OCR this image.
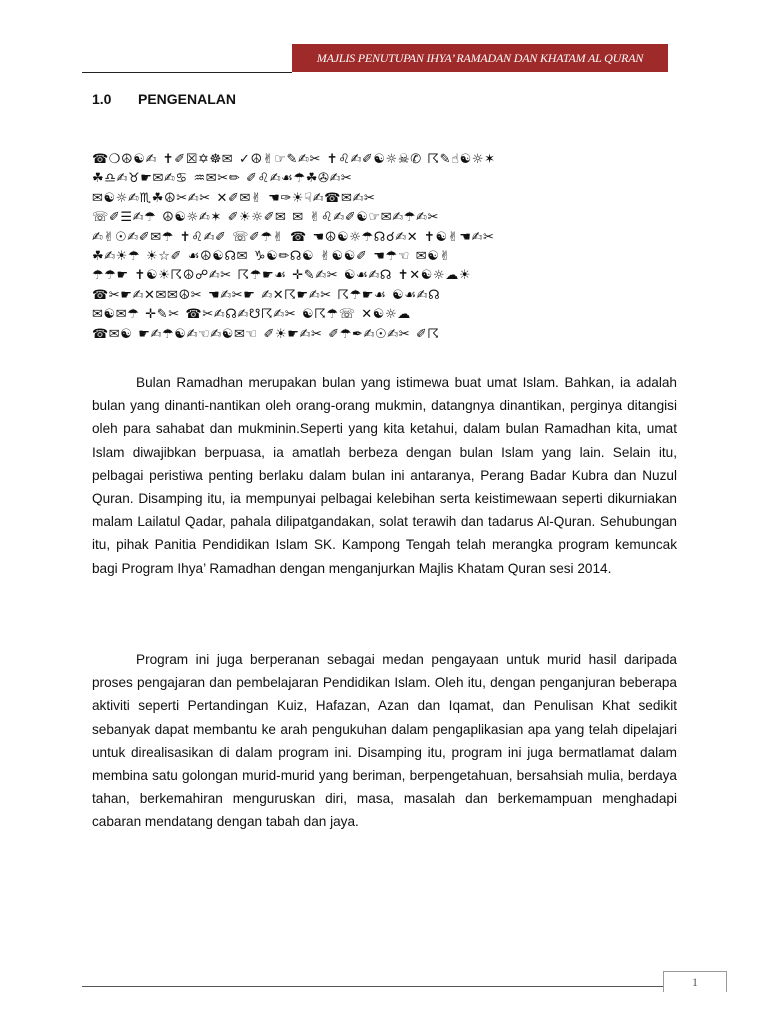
MAJLIS PENUTUPAN IHYA’ RAMADAN DAN KHATAM AL QURAN
1.0	PENGENALAN
☎❍☮☯✍ ✝✐☒✡☸✉ ✓☮✌☞✎✍✂ ✝♌✍✐☯☼☠✆ ☈✎☝☯☼✶
☘♎✍♉☛✉✍♋ ♒✉✂✏ ✐♌✍☙☂☘✇✍✂
✉☯☼✍♏☘☮✂✍✂ ✕✐✉✌ ☚✑☀☟✍☎✉✍✂
☏✐☰✍☂ ☮☯☼✍✶ ✐☀☼✐✉ ✉ ✌♌✍✐☯☞✉✍☂✍✂
✍✌☉✍✐✉☂ ✝♌✍✐ ☏✐☂✌ ☎ ☚☮☯☼☂☊☌✍✕ ✝☯✌☚✍✂
☘✍☀☂ ☀☆✐ ☙☮☯☊✉ ♑☯✏☊☯ ✌☯☯✐ ☚☂☜ ✉☯✌
☂☂☛ ✝☯☀☈☮☍✍✂ ☈☂☛☙ ✛✎✍✂ ☯☙✍☊ ✝✕☯☼☁☀
☎✂☛✍✕✉✉☮✂ ☚✍✂☛ ✍✕☈☛✍✂ ☈☂☛☙ ☯☙✍☊
✉☯✉☂ ✛✎✂ ☎✂✍☊✍☋☈✍✂ ☯☈☂☏ ✕☯☼☁
☎✉☯ ☛✍☂☯✍☜✍☯✉☜ ✐☀☛✍✂ ✐☂✒✍☉✍✂ ✐☈

Bulan Ramadhan merupakan bulan yang istimewa buat umat Islam. Bahkan, ia adalah bulan yang dinanti-nantikan oleh orang-orang mukmin, datangnya dinantikan, perginya ditangisi oleh para sahabat dan mukminin.Seperti yang kita ketahui, dalam bulan Ramadhan kita, umat Islam diwajibkan berpuasa, ia amatlah berbeza dengan bulan Islam yang lain. Selain itu, pelbagai peristiwa penting berlaku dalam bulan ini antaranya, Perang Badar Kubra dan Nuzul Quran. Disamping itu, ia mempunyai pelbagai kelebihan serta keistimewaan seperti dikurniakan malam Lailatul Qadar, pahala dilipatgandakan, solat terawih dan tadarus Al-Quran. Sehubungan itu, pihak Panitia Pendidikan Islam SK. Kampong Tengah telah merangka program kemuncak bagi Program Ihya’ Ramadhan dengan menganjurkan Majlis Khatam Quran sesi 2014.

Program ini juga berperanan sebagai medan pengayaan untuk murid hasil daripada proses pengajaran dan pembelajaran Pendidikan Islam. Oleh itu, dengan penganjuran beberapa aktiviti seperti Pertandingan Kuiz, Hafazan, Azan dan Iqamat, dan Penulisan Khat sedikit sebanyak dapat membantu ke arah pengukuhan dalam pengaplikasian apa yang telah dipelajari untuk direalisasikan di dalam program ini. Disamping itu, program ini juga bermatlamat dalam membina satu golongan murid-murid yang beriman, berpengetahuan, bersahsiah mulia, berdaya tahan, berkemahiran menguruskan diri, masa, masalah dan berkemampuan menghadapi cabaran mendatang dengan tabah dan jaya.

1
